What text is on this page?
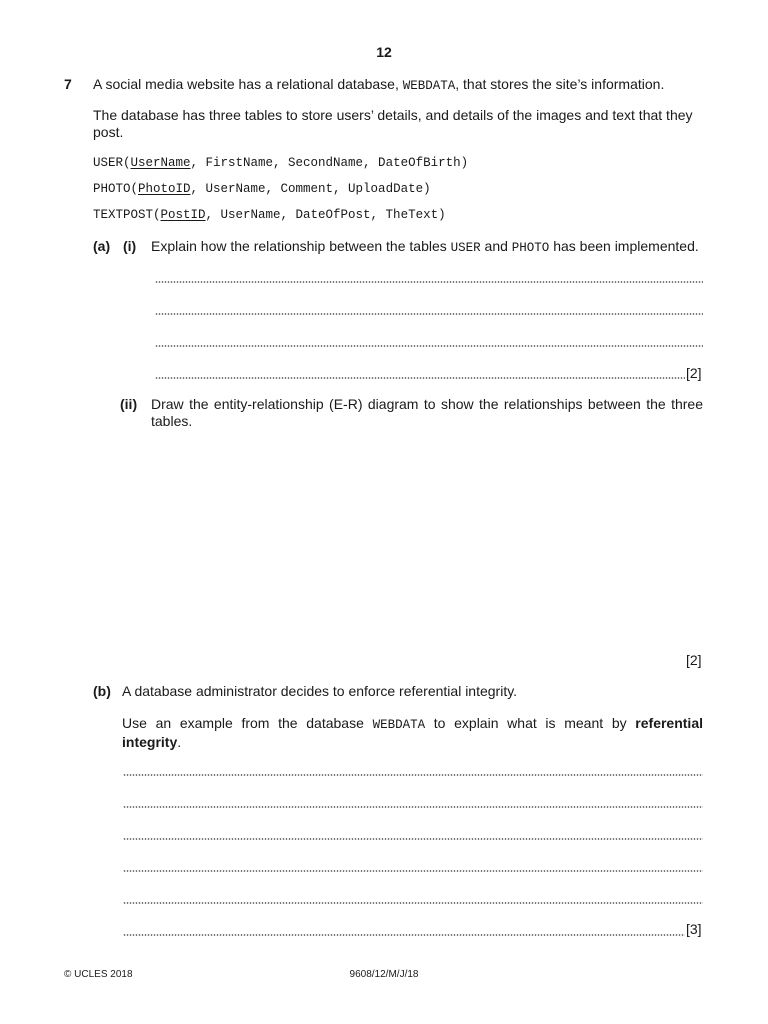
12
7 A social media website has a relational database, WEBDATA, that stores the site’s information.
The database has three tables to store users’ details, and details of the images and text that they post.
USER(UserName, FirstName, SecondName, DateOfBirth)
PHOTO(PhotoID, UserName, Comment, UploadDate)
TEXTPOST(PostID, UserName, DateOfPost, TheText)
(a) (i) Explain how the relationship between the tables USER and PHOTO has been implemented.
[2]
(ii) Draw the entity-relationship (E-R) diagram to show the relationships between the three tables.
[2]
(b) A database administrator decides to enforce referential integrity.
Use an example from the database WEBDATA to explain what is meant by referential integrity.
[3]
© UCLES 2018	9608/12/M/J/18
